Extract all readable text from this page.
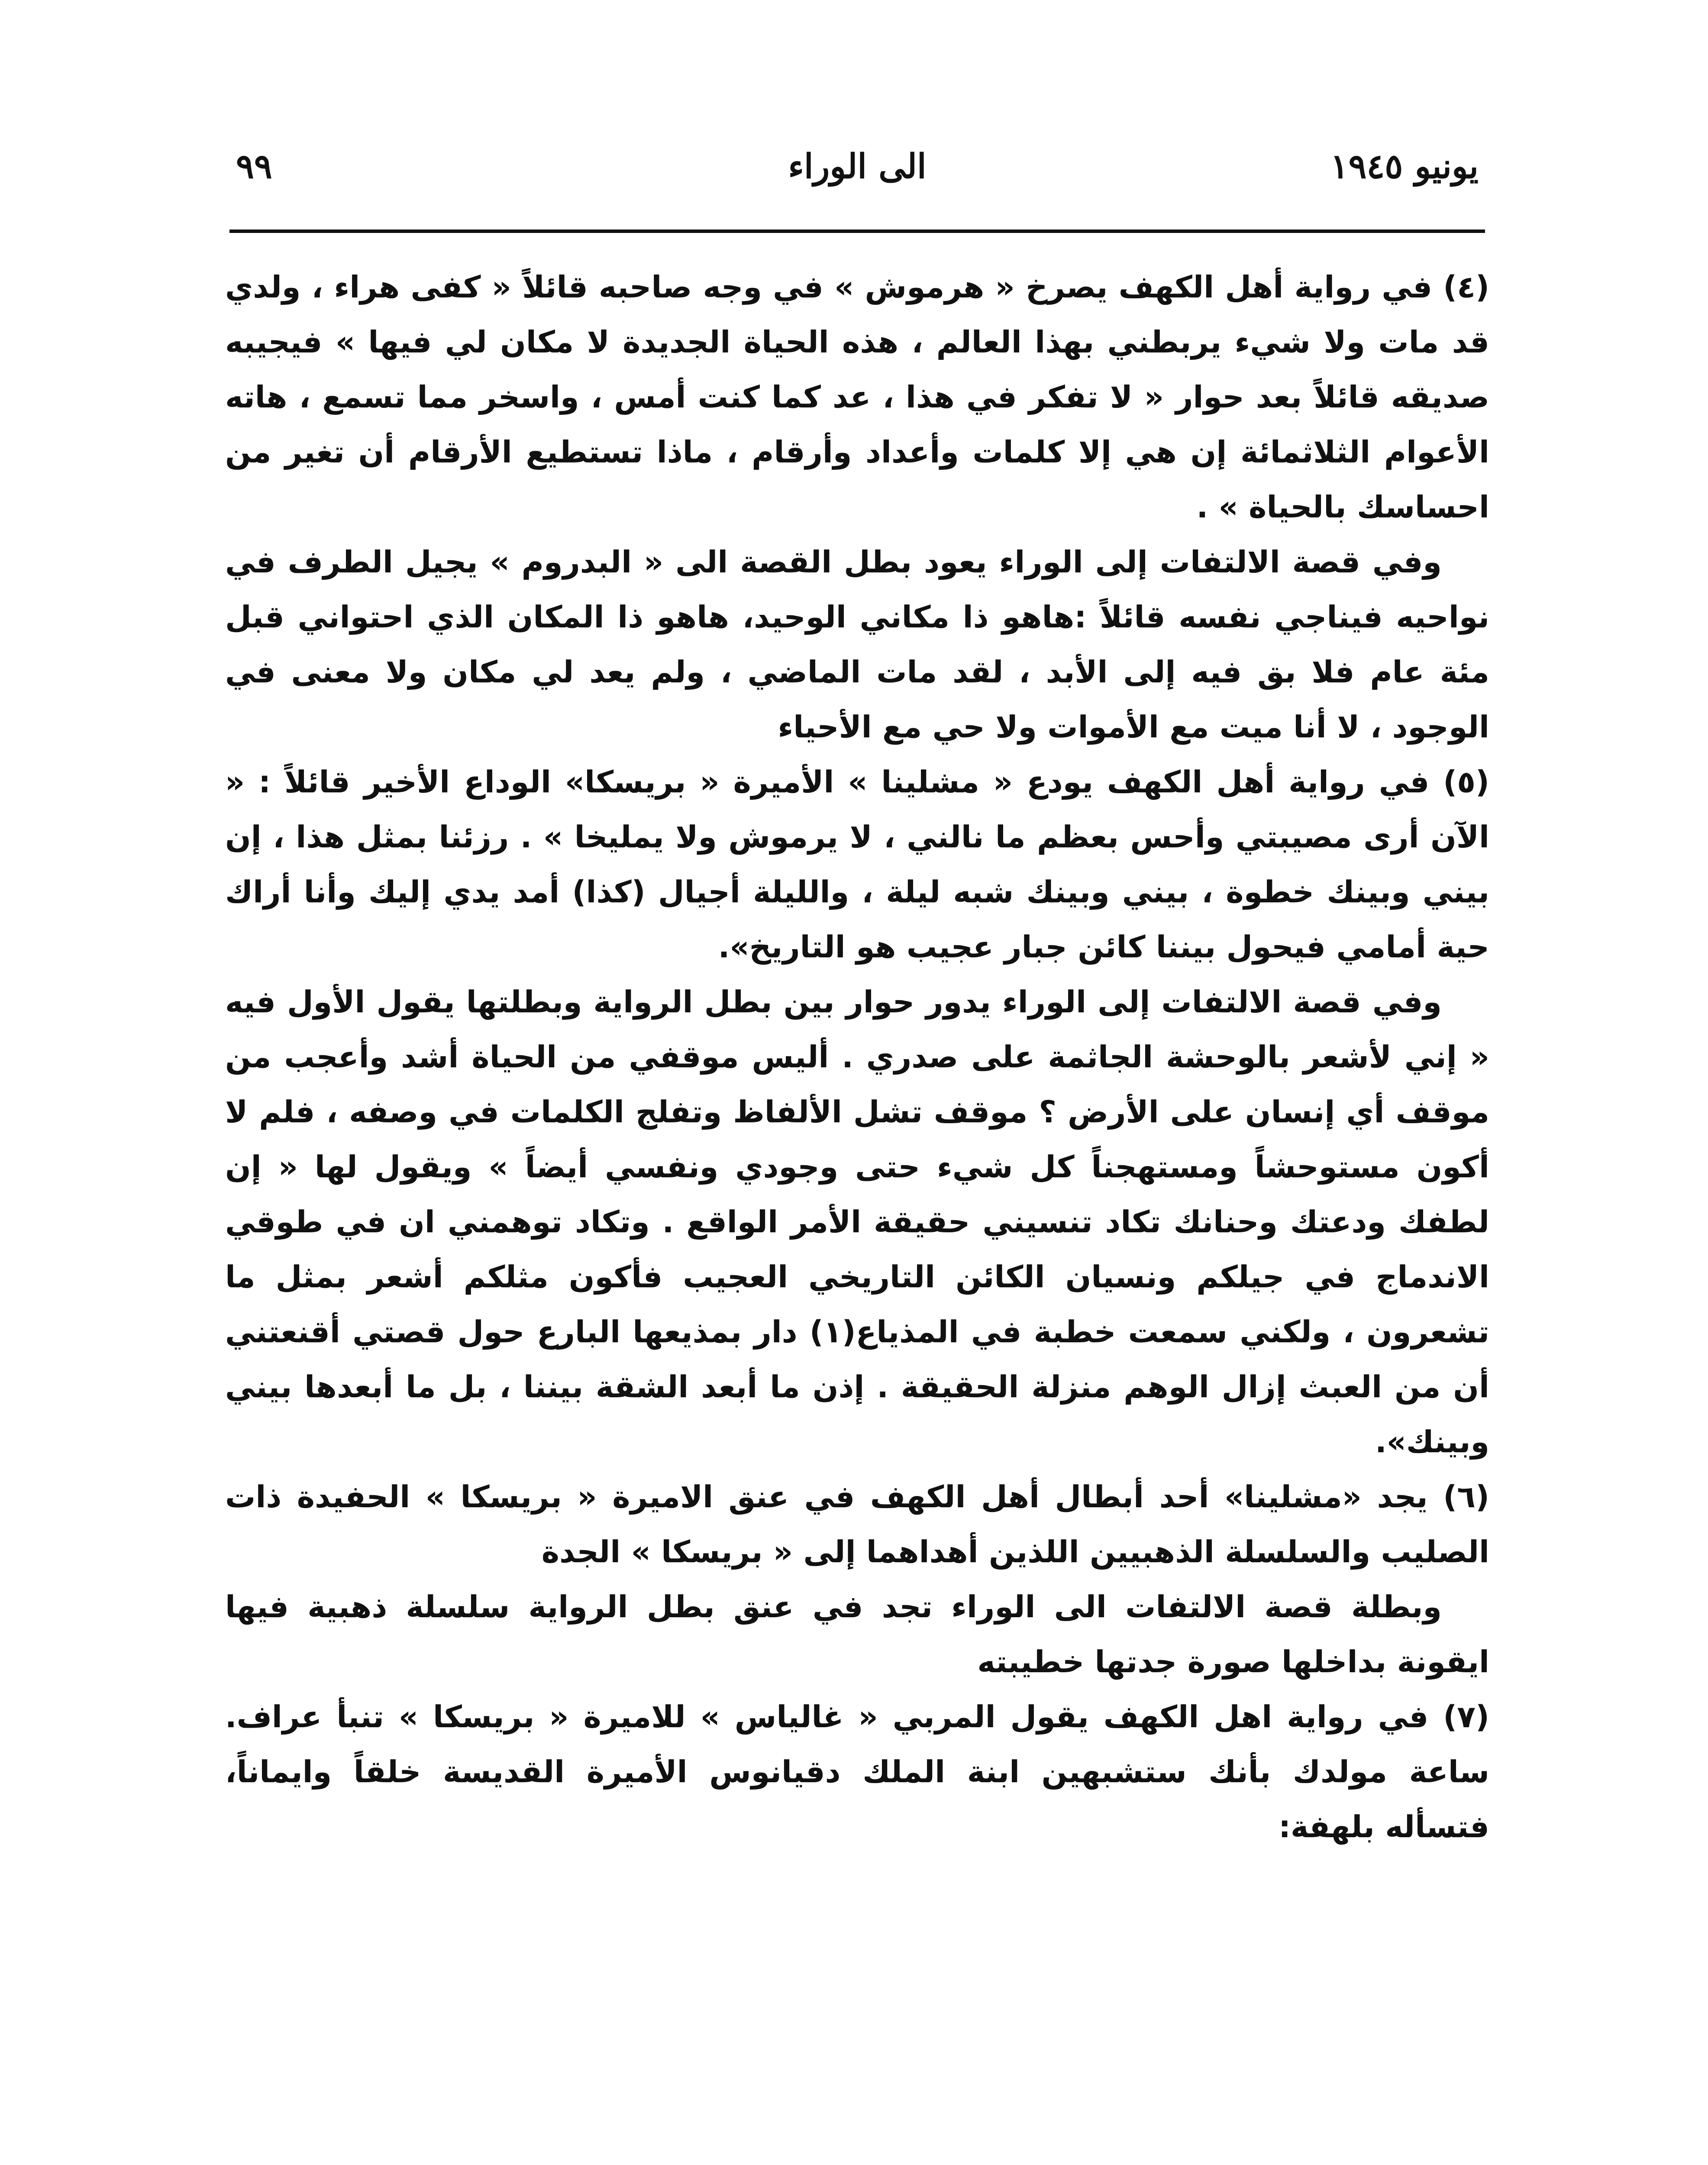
٩٩	الى الوراء	يونيو ١٩٤٥

(٤) في رواية أهل الكهف يصرخ « هرموش » في وجه صاحبه قائلاً « كفى هراء ، ولدي قد مات ولا شيء يربطني بهذا العالم ، هذه الحياة الجديدة لا مكان لي فيها » فيجيبه صديقه قائلاً بعد حوار « لا تفكر في هذا ، عد كما كنت أمس ، واسخر مما تسمع ، هاته الأعوام الثلاثمائة إن هي إلا كلمات وأعداد وأرقام ، ماذا تستطيع الأرقام أن تغير من احساسك بالحياة » .

وفي قصة الالتفات إلى الوراء يعود بطل القصة الى « البدروم » يجيل الطرف في نواحيه فيناجي نفسه قائلاً :هاهو ذا مكاني الوحيد، هاهو ذا المكان الذي احتواني قبل مئة عام فلا بق فيه إلى الأبد ، لقد مات الماضي ، ولم يعد لي مكان ولا معنى في الوجود ، لا أنا ميت مع الأموات ولا حي مع الأحياء

(٥) في رواية أهل الكهف يودع « مشلينا » الأميرة « بريسكا» الوداع الأخير قائلاً : « الآن أرى مصيبتي وأحس بعظم ما نالني ، لا يرموش ولا يمليخا » . رزئنا بمثل هذا ، إن بيني وبينك خطوة ، بيني وبينك شبه ليلة ، والليلة أجيال (كذا) أمد يدي إليك وأنا أراك حية أمامي فيحول بيننا كائن جبار عجيب هو التاريخ».

وفي قصة الالتفات إلى الوراء يدور حوار بين بطل الرواية وبطلتها يقول الأول فيه « إني لأشعر بالوحشة الجاثمة على صدري . أليس موقفي من الحياة أشد وأعجب من موقف أي إنسان على الأرض ؟ موقف تشل الألفاظ وتفلج الكلمات في وصفه ، فلم لا أكون مستوحشاً ومستهجناً كل شيء حتى وجودي ونفسي أيضاً » ويقول لها « إن لطفك ودعتك وحنانك تكاد تنسيني حقيقة الأمر الواقع . وتكاد توهمني ان في طوقي الاندماج في جيلكم ونسيان الكائن التاريخي العجيب فأكون مثلكم أشعر بمثل ما تشعرون ، ولكني سمعت خطبة في المذياع(١) دار بمذيعها البارع حول قصتي أقنعتني أن من العبث إزال الوهم منزلة الحقيقة . إذن ما أبعد الشقة بيننا ، بل ما أبعدها بيني وبينك».

(٦) يجد «مشلينا» أحد أبطال أهل الكهف في عنق الاميرة « بريسكا » الحفيدة ذات الصليب والسلسلة الذهبيين اللذين أهداهما إلى « بريسكا » الجدة

وبطلة قصة الالتفات الى الوراء تجد في عنق بطل الرواية سلسلة ذهبية فيها ايقونة بداخلها صورة جدتها خطيبته

(٧) في رواية اهل الكهف يقول المربي « غالياس » للاميرة « بريسكا » تنبأ عراف. ساعة مولدك بأنك ستشبهين ابنة الملك دقيانوس الأميرة القديسة خلقاً وايماناً، فتسأله بلهفة:
